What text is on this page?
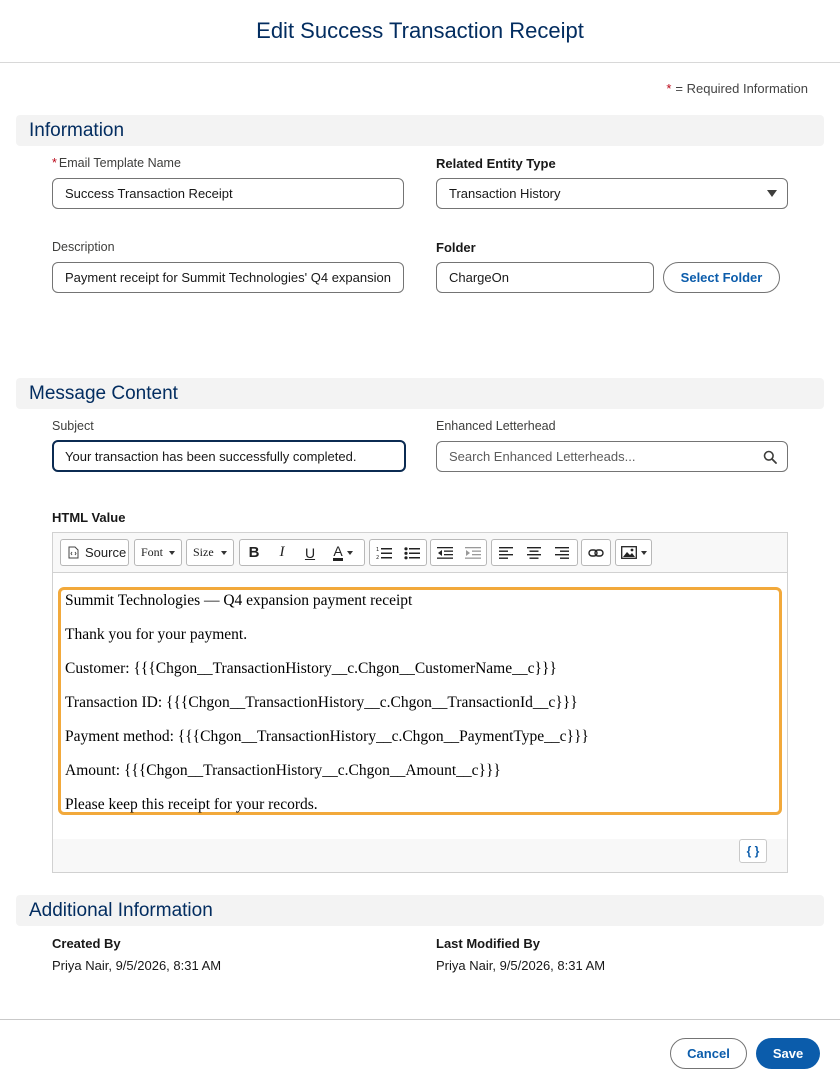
Edit Success Transaction Receipt
* = Required Information
Information
* Email Template Name
Success Transaction Receipt
Related Entity Type
Transaction History
Description
Payment receipt for Summit Technologies' Q4 expansion
Folder
ChargeOn	Select Folder
Message Content
Subject
Your transaction has been successfully completed.
Enhanced Letterhead
Search Enhanced Letterheads...
HTML Value
Source Font Size	B	I	U	A	1
2

Summit Technologies — Q4 expansion payment receipt

Thank you for your payment.

Customer: {{{Chgon__TransactionHistory__c.Chgon__CustomerName__c}}}

Transaction ID: {{{Chgon__TransactionHistory__c.Chgon__TransactionId__c}}}

Payment method: {{{Chgon__TransactionHistory__c.Chgon__PaymentType__c}}}

Amount: {{{Chgon__TransactionHistory__c.Chgon__Amount__c}}}

Please keep this receipt for your records.

{ }
Additional Information
Created By
Priya Nair, 9/5/2026, 8:31 AM
Last Modified By
Priya Nair, 9/5/2026, 8:31 AM
Cancel	Save
